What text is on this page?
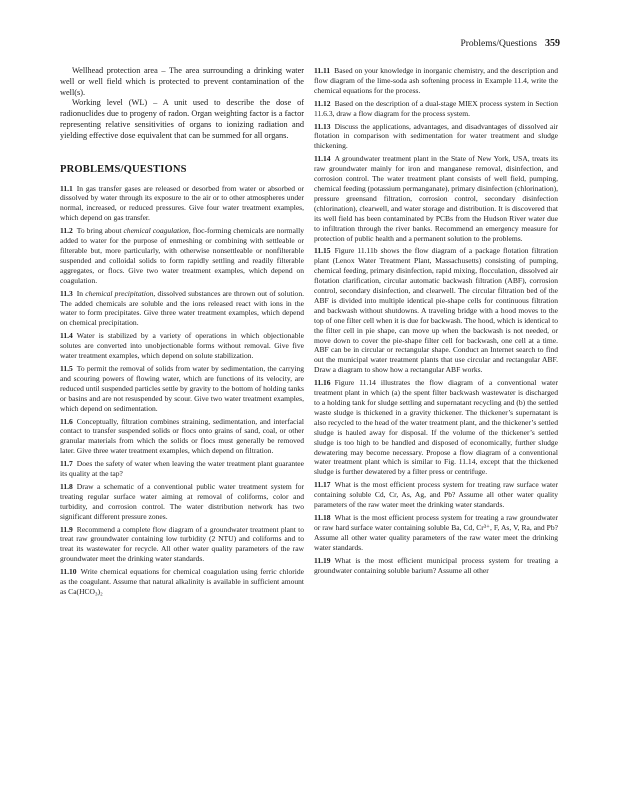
Problems/Questions 359

Wellhead protection area – The area surrounding a drinking water well or well field which is protected to prevent contamination of the well(s).

Working level (WL) – A unit used to describe the dose of radionuclides due to progeny of radon. Organ weighting factor is a factor representing relative sensitivities of organs to ionizing radiation and yielding effective dose equivalent that can be summed for all organs.

PROBLEMS/QUESTIONS

11.1 In gas transfer gases are released or desorbed from water or absorbed or dissolved by water through its exposure to the air or to other atmospheres under normal, increased, or reduced pressures. Give four water treatment examples, which depend on gas transfer.

11.2 To bring about chemical coagulation, floc-forming chemicals are normally added to water for the purpose of enmeshing or combining with settleable or filterable but, more particularly, with otherwise nonsettleable or nonfilterable suspended and colloidal solids to form rapidly settling and readily filterable aggregates, or flocs. Give two water treatment examples, which depend on coagulation.

11.3 In chemical precipitation, dissolved substances are thrown out of solution. The added chemicals are soluble and the ions released react with ions in the water to form precipitates. Give three water treatment examples, which depend on chemical precipitation.

11.4 Water is stabilized by a variety of operations in which objectionable solutes are converted into unobjectionable forms without removal. Give five water treatment examples, which depend on solute stabilization.

11.5 To permit the removal of solids from water by sedimentation, the carrying and scouring powers of flowing water, which are functions of its velocity, are reduced until suspended particles settle by gravity to the bottom of holding tanks or basins and are not resuspended by scour. Give two water treatment examples, which depend on sedimentation.

11.6 Conceptually, filtration combines straining, sedimentation, and interfacial contact to transfer suspended solids or flocs onto grains of sand, coal, or other granular materials from which the solids or flocs must generally be removed later. Give three water treatment examples, which depend on filtration.

11.7 Does the safety of water when leaving the water treatment plant guarantee its quality at the tap?

11.8 Draw a schematic of a conventional public water treatment system for treating regular surface water aiming at removal of coliforms, color and turbidity, and corrosion control. The water distribution network has two significant different pressure zones.

11.9 Recommend a complete flow diagram of a groundwater treatment plant to treat raw groundwater containing low turbidity (2 NTU) and coliforms and to treat its wastewater for recycle. All other water quality parameters of the raw groundwater meet the drinking water standards.

11.10 Write chemical equations for chemical coagulation using ferric chloride as the coagulant. Assume that natural alkalinity is available in sufficient amount as Ca(HCO₃)₂

11.11 Based on your knowledge in inorganic chemistry, and the description and flow diagram of the lime-soda ash softening process in Example 11.4, write the chemical equations for the process.

11.12 Based on the description of a dual-stage MIEX process system in Section 11.6.3, draw a flow diagram for the process system.

11.13 Discuss the applications, advantages, and disadvantages of dissolved air flotation in comparison with sedimentation for water treatment and sludge thickening.

11.14 A groundwater treatment plant in the State of New York, USA, treats its raw groundwater mainly for iron and manganese removal, disinfection, and corrosion control. The water treatment plant consists of well field, pumping, chemical feeding (potassium permanganate), primary disinfection (chlorination), pressure greensand filtration, corrosion control, secondary disinfection (chlorination), clearwell, and water storage and distribution. It is discovered that its well field has been contaminated by PCBs from the Hudson River water due to infiltration through the river banks. Recommend an emergency measure for protection of public health and a permanent solution to the problems.

11.15 Figure 11.11b shows the flow diagram of a package flotation filtration plant (Lenox Water Treatment Plant, Massachusetts) consisting of pumping, chemical feeding, primary disinfection, rapid mixing, flocculation, dissolved air flotation clarification, circular automatic backwash filtration (ABF), corrosion control, secondary disinfection, and clearwell. The circular filtration bed of the ABF is divided into multiple identical pie-shape cells for continuous filtration and backwash without shutdowns. A traveling bridge with a hood moves to the top of one filter cell when it is due for backwash. The hood, which is identical to the filter cell in pie shape, can move up when the backwash is not needed, or move down to cover the pie-shape filter cell for backwash, one cell at a time. ABF can be in circular or rectangular shape. Conduct an Internet search to find out the municipal water treatment plants that use circular and rectangular ABF. Draw a diagram to show how a rectangular ABF works.

11.16 Figure 11.14 illustrates the flow diagram of a conventional water treatment plant in which (a) the spent filter backwash wastewater is discharged to a holding tank for sludge settling and supernatant recycling and (b) the settled waste sludge is thickened in a gravity thickener. The thickener’s supernatant is also recycled to the head of the water treatment plant, and the thickener’s settled sludge is hauled away for disposal. If the volume of the thickener’s settled sludge is too high to be handled and disposed of economically, further sludge dewatering may become necessary. Propose a flow diagram of a conventional water treatment plant which is similar to Fig. 11.14, except that the thickened sludge is further dewatered by a filter press or centrifuge.

11.17 What is the most efficient process system for treating raw surface water containing soluble Cd, Cr, As, Ag, and Pb? Assume all other water quality parameters of the raw water meet the drinking water standards.

11.18 What is the most efficient process system for treating a raw groundwater or raw hard surface water containing soluble Ba, Cd, Cr³⁺, F, As, V, Ra, and Pb? Assume all other water quality parameters of the raw water meet the drinking water standards.

11.19 What is the most efficient municipal process system for treating a groundwater containing soluble barium? Assume all other
